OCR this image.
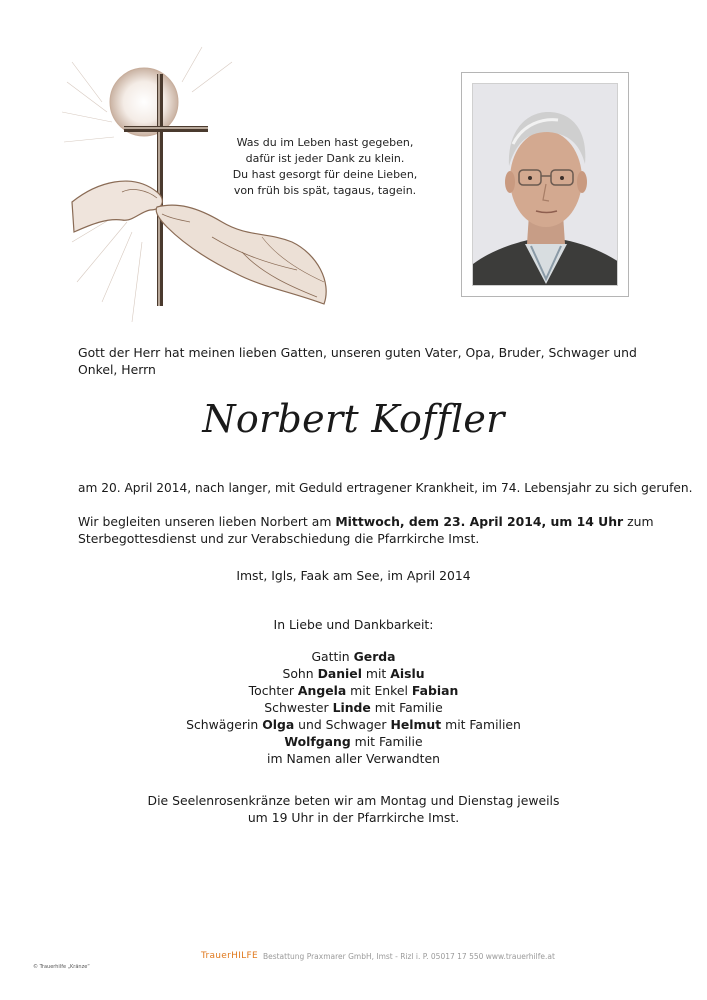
Was du im Leben hast gegeben,
dafür ist jeder Dank zu klein.
Du hast gesorgt für deine Lieben,
von früh bis spät, tagaus, tagein.
Gott der Herr hat meinen lieben Gatten, unseren guten Vater, Opa, Bruder, Schwager und Onkel, Herrn
Norbert Koffler
am 20. April 2014, nach langer, mit Geduld ertragener Krankheit, im 74. Lebensjahr zu sich gerufen.
Wir begleiten unseren lieben Norbert am Mittwoch, dem 23. April 2014, um 14 Uhr zum
Sterbegottesdienst und zur Verabschiedung die Pfarrkirche Imst.
Imst, Igls, Faak am See, im April 2014
In Liebe und Dankbarkeit:
Gattin Gerda
Sohn Daniel mit Aislu
Tochter Angela mit Enkel Fabian
Schwester Linde mit Familie
Schwägerin Olga und Schwager Helmut mit Familien
Wolfgang mit Familie
im Namen aller Verwandten
Die Seelenrosenkränze beten wir am Montag und Dienstag jeweils
um 19 Uhr in der Pfarrkirche Imst.
TrauerHILFE Bestattung Praxmarer GmbH, Imst - Rizl i. P. 05017 17 550 www.trauerhilfe.at
© Trauerhilfe „Kränze“
